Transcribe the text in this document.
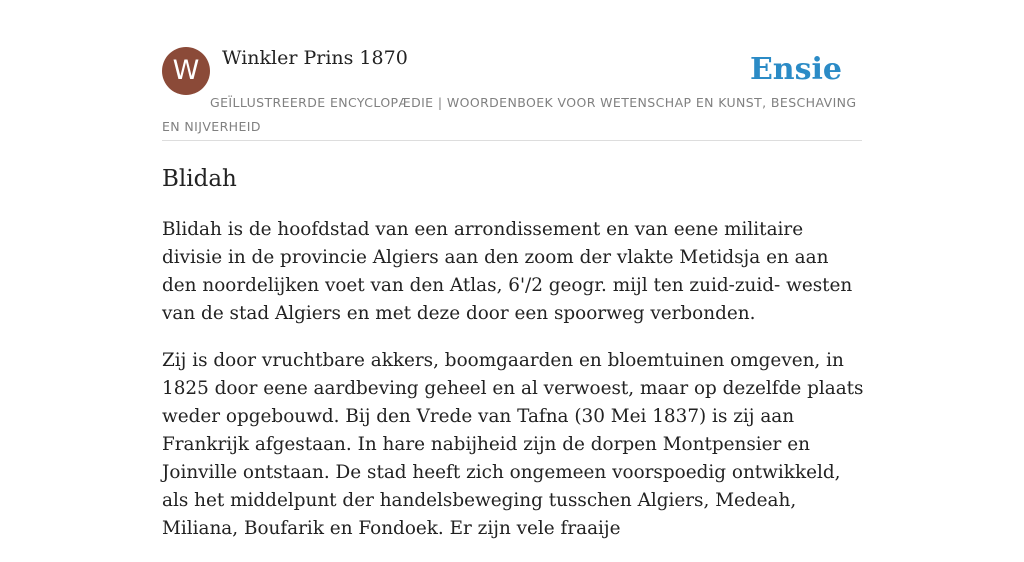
W	Winkler Prins 1870
GEÏLLUSTREERDE ENCYCLOPÆDIE | WOORDENBOEK VOOR WETENSCHAP EN KUNST, BESCHAVING EN NIJVERHEID
Ensie
Blidah

Blidah is de hoofdstad van een arrondissement en van eene militaire divisie in de provincie Algiers aan den zoom der vlakte Metidsja en aan den noordelijken voet van den Atlas, 6'/2 geogr. mijl ten zuid-zuid- westen van de stad Algiers en met deze door een spoorweg verbonden.

Zij is door vruchtbare akkers, boomgaarden en bloemtuinen omgeven, in 1825 door eene aardbeving geheel en al verwoest, maar op dezelfde plaats weder opgebouwd. Bij den Vrede van Tafna (30 Mei 1837) is zij aan Frankrijk afgestaan. In hare nabijheid zijn de dorpen Montpensier en Joinville ontstaan. De stad heeft zich ongemeen voorspoedig ontwikkeld, als het middelpunt der handelsbeweging tusschen Algiers, Medeah, Miliana, Boufarik en Fondoek. Er zijn vele fraaije
